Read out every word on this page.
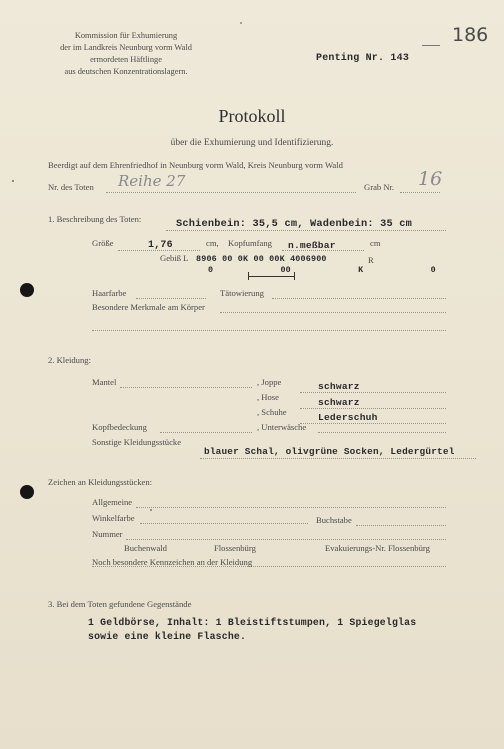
Kommission für Exhumierung
der im Landkreis Neunburg vorm Wald
ermordeten Häftlinge
aus deutschen Konzentrationslagern.
Penting Nr. 143
186
Protokoll
über die Exhumierung und Identifizierung.
Beerdigt auf dem Ehrenfriedhof in Neunburg vorm Wald, Kreis Neunburg vorm Wald
Nr. des Toten Reihe 27	Grab Nr. 16
1. Beschreibung des Toten:	Schienbein: 35,5 cm, Wadenbein: 35 cm
Größe	1,76	cm, Kopfumfang n.meßbar	cm
Gebiß L 8906 00 0K 00 00K 4006900
0 00 K 0
R
Haarfarbe	Tätowierung
Besondere Merkmale am Körper
2. Kleidung:
Mantel	, Joppe	schwarz
, Hose	schwarz
, Schuhe	Lederschuh
Kopfbedeckung	, Unterwäsche
Sonstige Kleidungsstücke
blauer Schal, olivgrüne Socken, Ledergürtel
Zeichen an Kleidungsstücken:
Allgemeine
Winkelfarbe	Buchstabe
Nummer
Buchenwald	Flossenbürg	Evakuierungs-Nr. Flossenbürg
Noch besondere Kennzeichen an der Kleidung
3. Bei dem Toten gefundene Gegenstände
1 Geldbörse, Inhalt: 1 Bleistiftstumpen, 1 Spiegelglas
sowie eine kleine Flasche.
